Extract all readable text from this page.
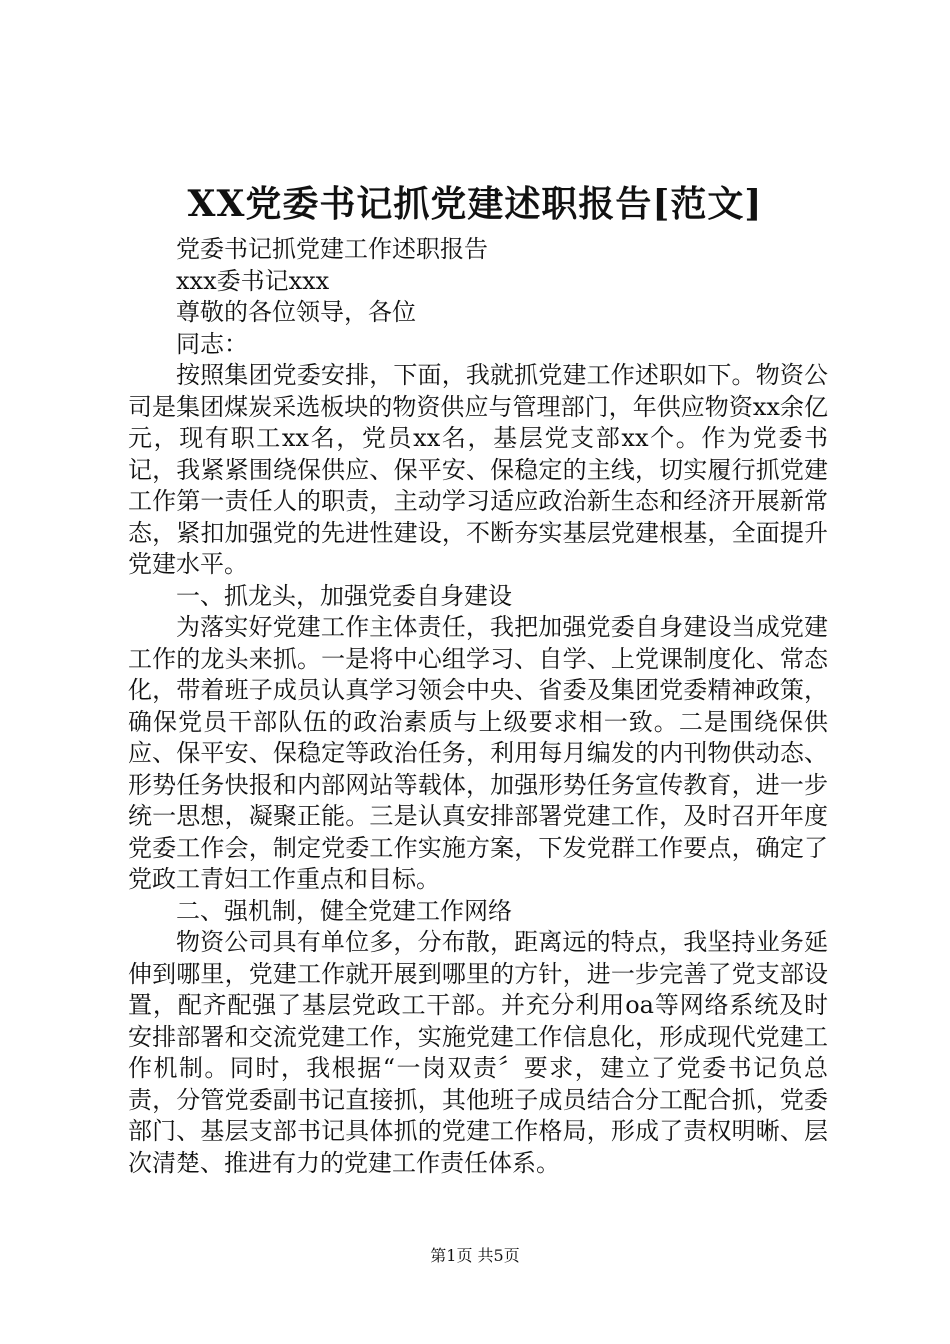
XX党委书记抓党建述职报告[范文]

党委书记抓党建工作述职报告

xxx委书记xxx

尊敬的各位领导，各位

同志：

按照集团党委安排，下面，我就抓党建工作述职如下。物资公司是集团煤炭采选板块的物资供应与管理部门，年供应物资xx余亿元，现有职工xx名，党员xx名，基层党支部xx个。作为党委书记，我紧紧围绕保供应、保平安、保稳定的主线，切实履行抓党建工作第一责任人的职责，主动学习适应政治新生态和经济开展新常态，紧扣加强党的先进性建设，不断夯实基层党建根基，全面提升党建水平。

一、抓龙头，加强党委自身建设

为落实好党建工作主体责任，我把加强党委自身建设当成党建工作的龙头来抓。一是将中心组学习、自学、上党课制度化、常态化，带着班子成员认真学习领会中央、省委及集团党委精神政策，确保党员干部队伍的政治素质与上级要求相一致。二是围绕保供应、保平安、保稳定等政治任务，利用每月编发的内刊物供动态、形势任务快报和内部网站等载体，加强形势任务宣传教育，进一步统一思想，凝聚正能。三是认真安排部署党建工作，及时召开年度党委工作会，制定党委工作实施方案，下发党群工作要点，确定了党政工青妇工作重点和目标。

二、强机制，健全党建工作网络

物资公司具有单位多，分布散，距离远的特点，我坚持业务延伸到哪里，党建工作就开展到哪里的方针，进一步完善了党支部设置，配齐配强了基层党政工干部。并充分利用oa等网络系统及时安排部署和交流党建工作，实施党建工作信息化，形成现代党建工作机制。同时，我根据“一岗双责〞要求，建立了党委书记负总责，分管党委副书记直接抓，其他班子成员结合分工配合抓，党委部门、基层支部书记具体抓的党建工作格局，形成了责权明晰、层次清楚、推进有力的党建工作责任体系。

第1页 共5页
